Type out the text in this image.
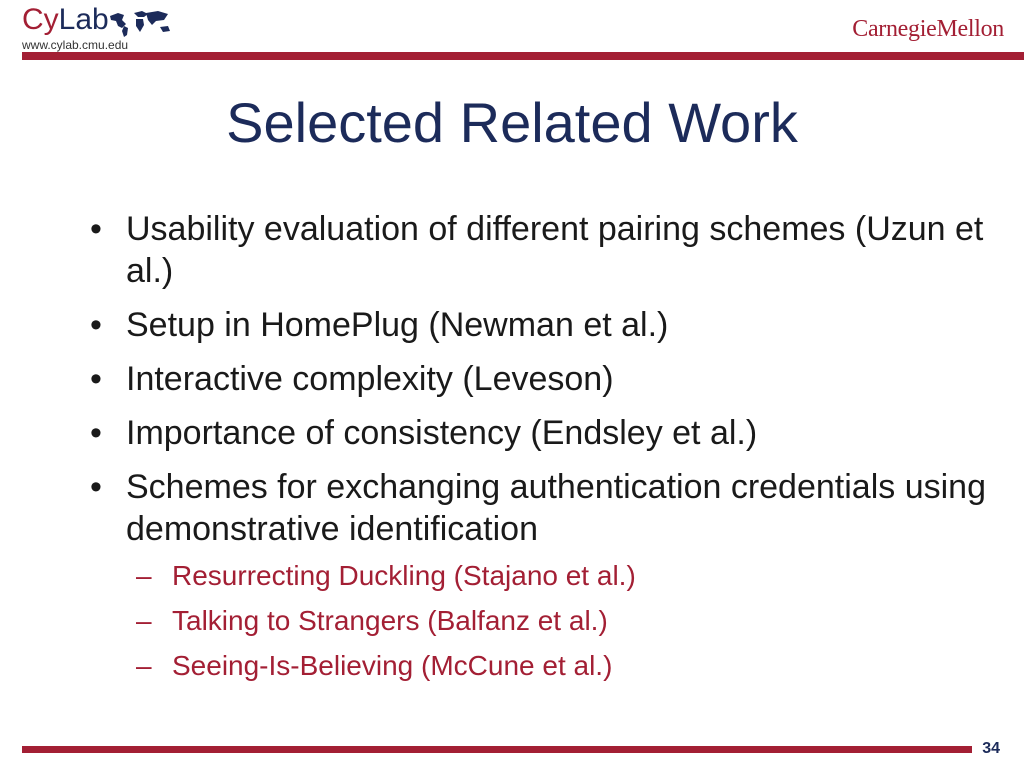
CyLab
www.cylab.cmu.edu
CarnegieMellon
Selected Related Work
• Usability evaluation of different pairing schemes (Uzun et al.)
• Setup in HomePlug (Newman et al.)
• Interactive complexity (Leveson)
• Importance of consistency (Endsley et al.)
• Schemes for exchanging authentication credentials using demonstrative identification
– Resurrecting Duckling (Stajano et al.)
– Talking to Strangers (Balfanz et al.)
– Seeing-Is-Believing (McCune et al.)
34
